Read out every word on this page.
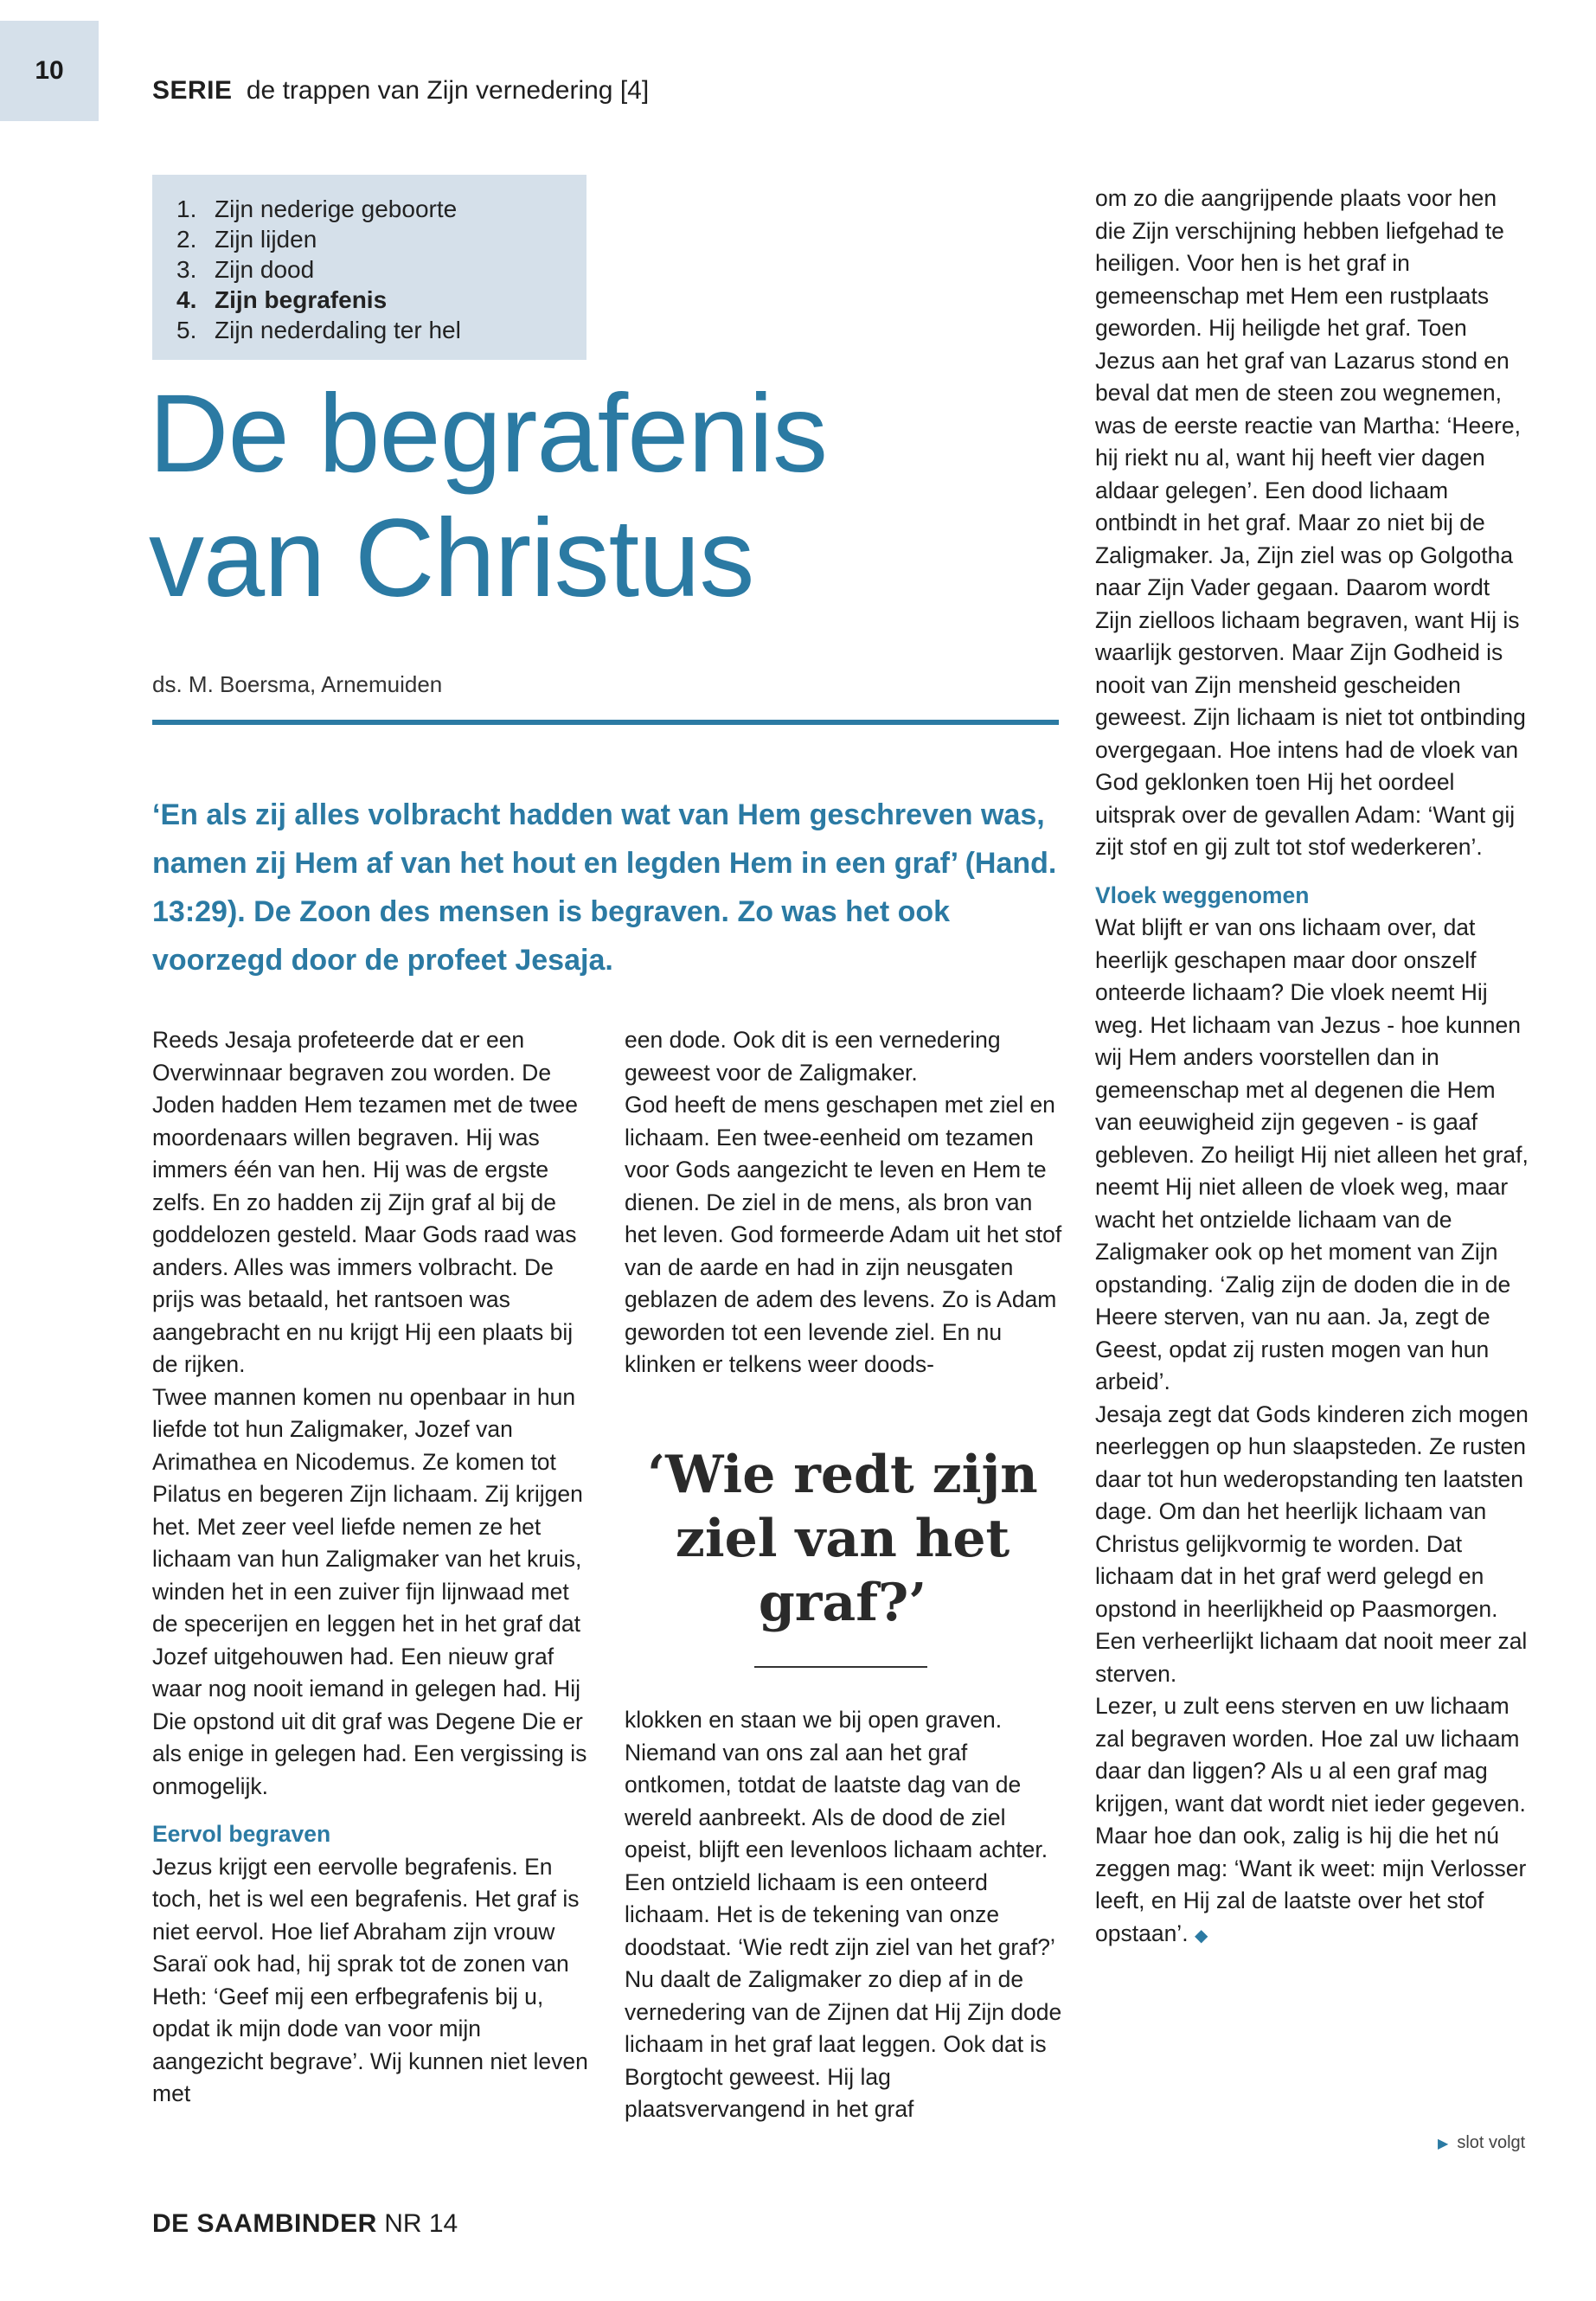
10
SERIE de trappen van Zijn vernedering [4]
1. Zijn nederige geboorte
2. Zijn lijden
3. Zijn dood
4. Zijn begrafenis
5. Zijn nederdaling ter hel
De begrafenis
van Christus
ds. M. Boersma, Arnemuiden
‘En als zij alles volbracht hadden wat van Hem geschreven was, namen zij Hem af van het hout en legden Hem in een graf’ (Hand. 13:29). De Zoon des mensen is begraven. Zo was het ook voorzegd door de profeet Jesaja.

Reeds Jesaja profeteerde dat er een Overwinnaar begraven zou worden. De Joden hadden Hem tezamen met de twee moordenaars willen begraven. Hij was immers één van hen. Hij was de ergste zelfs. En zo hadden zij Zijn graf al bij de goddelozen gesteld. Maar Gods raad was anders. Alles was immers volbracht. De prijs was betaald, het rantsoen was aangebracht en nu krijgt Hij een plaats bij de rijken.

Twee mannen komen nu openbaar in hun liefde tot hun Zaligmaker, Jozef van Arimathea en Nicodemus. Ze komen tot Pilatus en begeren Zijn lichaam. Zij krijgen het. Met zeer veel liefde nemen ze het lichaam van hun Zaligmaker van het kruis, winden het in een zuiver fijn lijnwaad met de specerijen en leggen het in het graf dat Jozef uitgehouwen had. Een nieuw graf waar nog nooit iemand in gelegen had. Hij Die opstond uit dit graf was Degene Die er als enige in gelegen had. Een vergissing is onmogelijk.

Eervol begraven

Jezus krijgt een eervolle begrafenis. En toch, het is wel een begrafenis. Het graf is niet eervol. Hoe lief Abraham zijn vrouw Saraï ook had, hij sprak tot de zonen van Heth: ‘Geef mij een erfbegrafenis bij u, opdat ik mijn dode van voor mijn aangezicht begrave’. Wij kunnen niet leven met

een dode. Ook dit is een vernedering geweest voor de Zaligmaker.

God heeft de mens geschapen met ziel en lichaam. Een twee-eenheid om tezamen voor Gods aangezicht te leven en Hem te dienen. De ziel in de mens, als bron van het leven. God formeerde Adam uit het stof van de aarde en had in zijn neusgaten geblazen de adem des levens. Zo is Adam geworden tot een levende ziel. En nu klinken er telkens weer doods-

‘Wie redt zijn ziel van het graf?’

klokken en staan we bij open graven. Niemand van ons zal aan het graf ontkomen, totdat de laatste dag van de wereld aanbreekt. Als de dood de ziel opeist, blijft een levenloos lichaam achter. Een ontzield lichaam is een onteerd lichaam. Het is de tekening van onze doodstaat. ‘Wie redt zijn ziel van het graf?’

Nu daalt de Zaligmaker zo diep af in de vernedering van de Zijnen dat Hij Zijn dode lichaam in het graf laat leggen. Ook dat is Borgtocht geweest. Hij lag plaatsvervangend in het graf

om zo die aangrijpende plaats voor hen die Zijn verschijning hebben liefgehad te heiligen. Voor hen is het graf in gemeenschap met Hem een rustplaats geworden. Hij heiligde het graf. Toen Jezus aan het graf van Lazarus stond en beval dat men de steen zou wegnemen, was de eerste reactie van Martha: ‘Heere, hij riekt nu al, want hij heeft vier dagen aldaar gelegen’. Een dood lichaam ontbindt in het graf. Maar zo niet bij de Zaligmaker. Ja, Zijn ziel was op Golgotha naar Zijn Vader gegaan. Daarom wordt Zijn zielloos lichaam begraven, want Hij is waarlijk gestorven. Maar Zijn Godheid is nooit van Zijn mensheid gescheiden geweest. Zijn lichaam is niet tot ontbinding overgegaan. Hoe intens had de vloek van God geklonken toen Hij het oordeel uitsprak over de gevallen Adam: ‘Want gij zijt stof en gij zult tot stof wederkeren’.

Vloek weggenomen

Wat blijft er van ons lichaam over, dat heerlijk geschapen maar door onszelf onteerde lichaam? Die vloek neemt Hij weg. Het lichaam van Jezus - hoe kunnen wij Hem anders voorstellen dan in gemeenschap met al degenen die Hem van eeuwigheid zijn gegeven - is gaaf gebleven. Zo heiligt Hij niet alleen het graf, neemt Hij niet alleen de vloek weg, maar wacht het ontzielde lichaam van de Zaligmaker ook op het moment van Zijn opstanding. ‘Zalig zijn de doden die in de Heere sterven, van nu aan. Ja, zegt de Geest, opdat zij rusten mogen van hun arbeid’.

Jesaja zegt dat Gods kinderen zich mogen neerleggen op hun slaapsteden. Ze rusten daar tot hun wederopstanding ten laatsten dage. Om dan het heerlijk lichaam van Christus gelijkvormig te worden. Dat lichaam dat in het graf werd gelegd en opstond in heerlijkheid op Paasmorgen. Een verheerlijkt lichaam dat nooit meer zal sterven.

Lezer, u zult eens sterven en uw lichaam zal begraven worden. Hoe zal uw lichaam daar dan liggen? Als u al een graf mag krijgen, want dat wordt niet ieder gegeven. Maar hoe dan ook, zalig is hij die het nú zeggen mag: ‘Want ik weet: mijn Verlosser leeft, en Hij zal de laatste over het stof opstaan’. ◆

▶ slot volgt
DE SAAMBINDER NR 14
